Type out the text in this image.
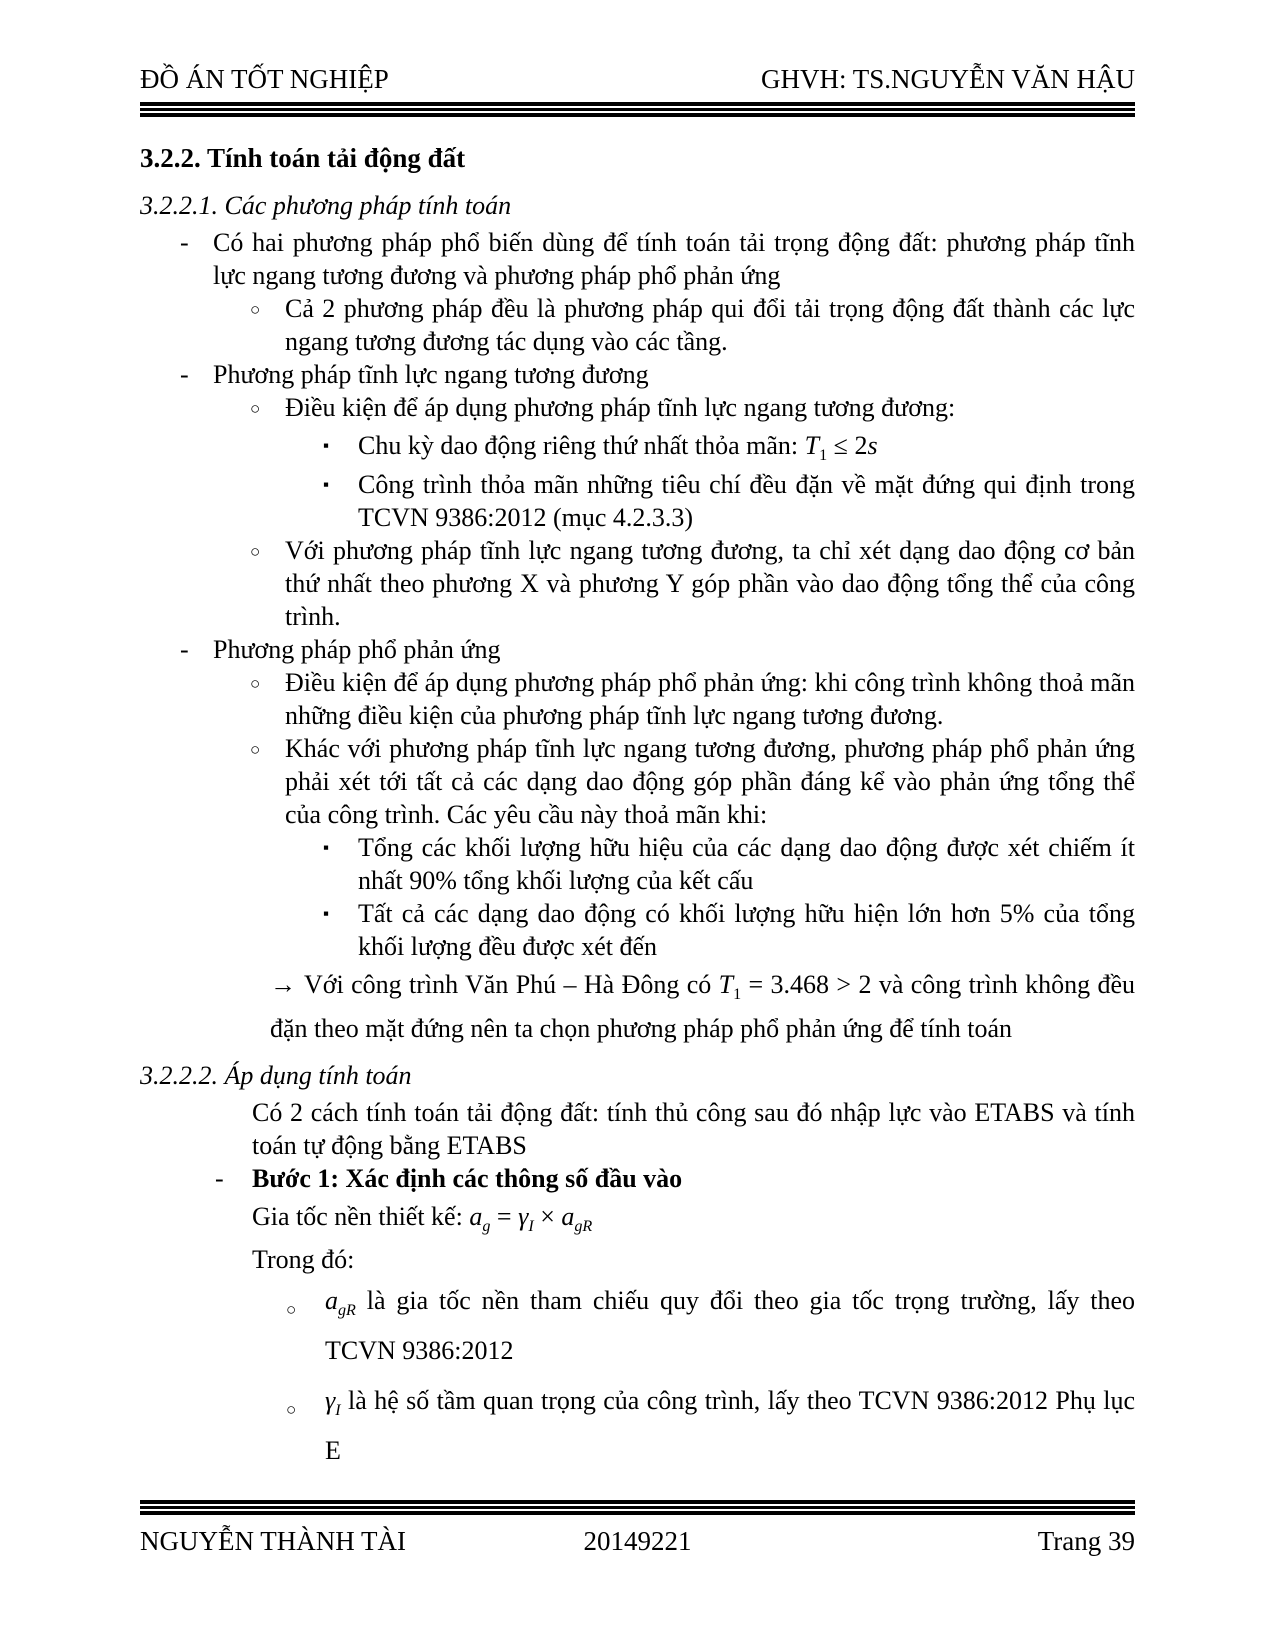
ĐỒ ÁN TỐT NGHIỆP	GHVH: TS.NGUYỄN VĂN HẬU
3.2.2. Tính toán tải động đất
3.2.2.1. Các phương pháp tính toán
- Có hai phương pháp phổ biến dùng để tính toán tải trọng động đất: phương pháp tĩnh lực ngang tương đương và phương pháp phổ phản ứng
○ Cả 2 phương pháp đều là phương pháp qui đổi tải trọng động đất thành các lực ngang tương đương tác dụng vào các tầng.
- Phương pháp tĩnh lực ngang tương đương
○ Điều kiện để áp dụng phương pháp tĩnh lực ngang tương đương:
▪ Chu kỳ dao động riêng thứ nhất thỏa mãn: $T_1 \le 2s$
▪ Công trình thỏa mãn những tiêu chí đều đặn về mặt đứng qui định trong TCVN 9386:2012 (mục 4.2.3.3)
○ Với phương pháp tĩnh lực ngang tương đương, ta chỉ xét dạng dao động cơ bản thứ nhất theo phương X và phương Y góp phần vào dao động tổng thể của công trình.
- Phương pháp phổ phản ứng
○ Điều kiện để áp dụng phương pháp phổ phản ứng: khi công trình không thoả mãn những điều kiện của phương pháp tĩnh lực ngang tương đương.
○ Khác với phương pháp tĩnh lực ngang tương đương, phương pháp phổ phản ứng phải xét tới tất cả các dạng dao động góp phần đáng kể vào phản ứng tổng thể của công trình. Các yêu cầu này thoả mãn khi:
▪ Tổng các khối lượng hữu hiệu của các dạng dao động được xét chiếm ít nhất 90% tổng khối lượng của kết cấu
▪ Tất cả các dạng dao động có khối lượng hữu hiện lớn hơn 5% của tổng khối lượng đều được xét đến
→ Với công trình Văn Phú – Hà Đông có $T_1 = 3.468 > 2$ và công trình không đều đặn theo mặt đứng nên ta chọn phương pháp phổ phản ứng để tính toán
3.2.2.2. Áp dụng tính toán
Có 2 cách tính toán tải động đất: tính thủ công sau đó nhập lực vào ETABS và tính toán tự động bằng ETABS
- Bước 1: Xác định các thông số đầu vào
Gia tốc nền thiết kế: $a_g = \gamma_I \times a_{gR}$
Trong đó:
○ $a_{gR}$ là gia tốc nền tham chiếu quy đổi theo gia tốc trọng trường, lấy theo TCVN 9386:2012
○ $\gamma_I$ là hệ số tầm quan trọng của công trình, lấy theo TCVN 9386:2012 Phụ lục E
NGUYỄN THÀNH TÀI	20149221	Trang 39
